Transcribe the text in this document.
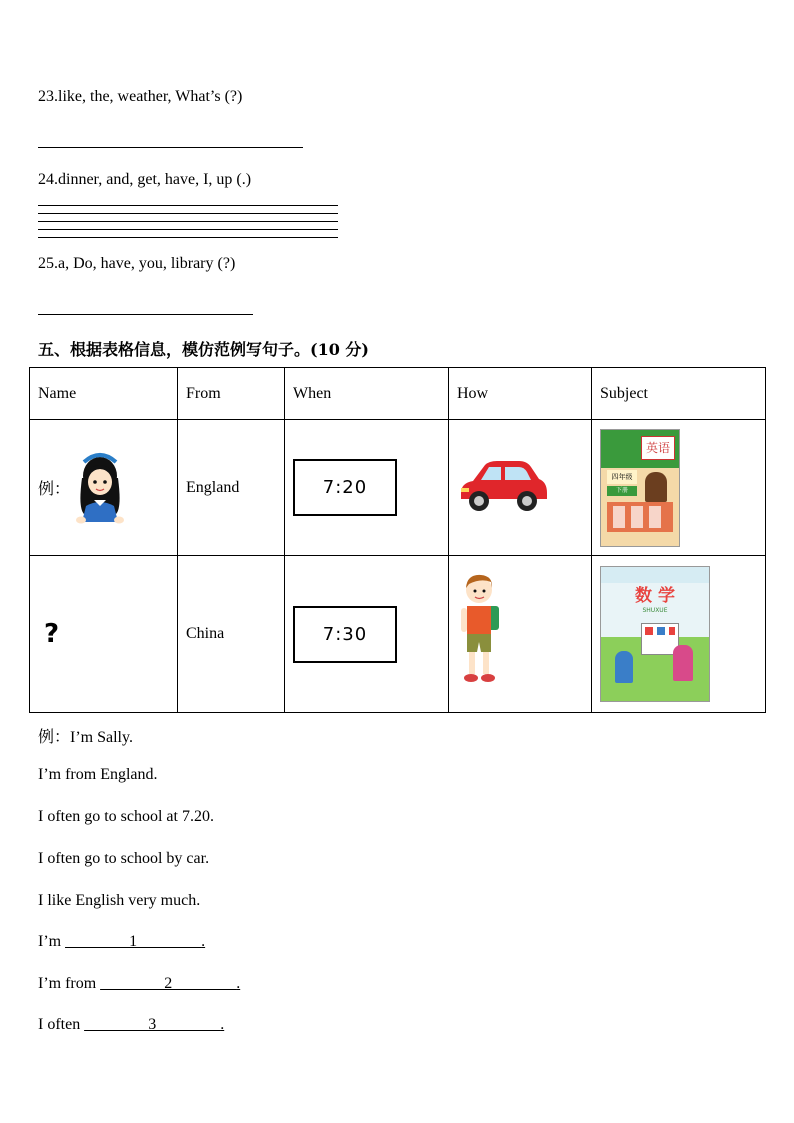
23.like, the, weather, What’s (?)
24.dinner, and, get, have, I, up (.)
25.a, Do, have, you, library (?)
五、根据表格信息，模仿范例写句子。(10 分)
Name	From	When	How	Subject

例：	England	7:20		英语
四年级
下册

?	China	7:30		数 学
SHUXUE
例：I’m Sally.
I’m from England.
I often go to school at 7.20.
I often go to school by car.
I like English very much.
I’m ________1________.
I’m from ________2________.
I often ________3________.
